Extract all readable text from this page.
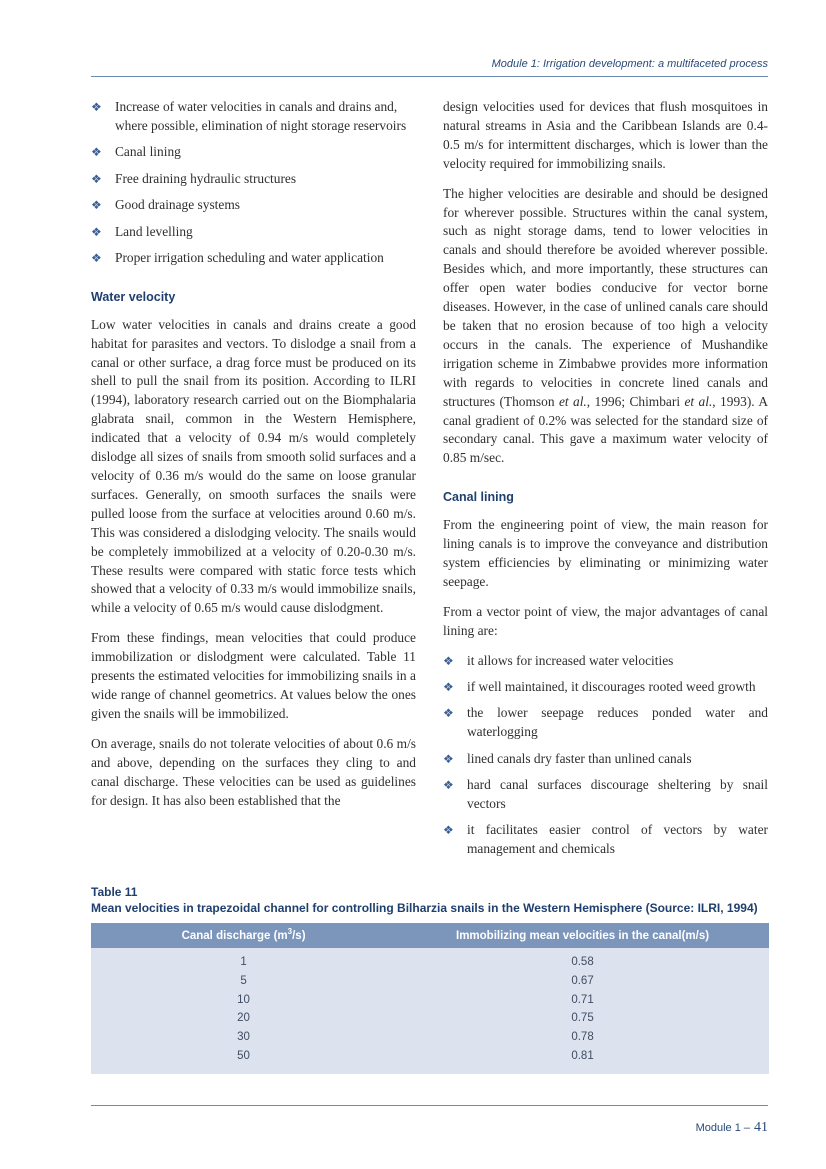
Module 1: Irrigation development: a multifaceted process
❖ Increase of water velocities in canals and drains and, where possible, elimination of night storage reservoirs
❖ Canal lining
❖ Free draining hydraulic structures
❖ Good drainage systems
❖ Land levelling
❖ Proper irrigation scheduling and water application
Water velocity

Low water velocities in canals and drains create a good habitat for parasites and vectors. To dislodge a snail from a canal or other surface, a drag force must be produced on its shell to pull the snail from its position. According to ILRI (1994), laboratory research carried out on the Biomphalaria glabrata snail, common in the Western Hemisphere, indicated that a velocity of 0.94 m/s would completely dislodge all sizes of snails from smooth solid surfaces and a velocity of 0.36 m/s would do the same on loose granular surfaces. Generally, on smooth surfaces the snails were pulled loose from the surface at velocities around 0.60 m/s. This was considered a dislodging velocity. The snails would be completely immobilized at a velocity of 0.20-0.30 m/s. These results were compared with static force tests which showed that a velocity of 0.33 m/s would immobilize snails, while a velocity of 0.65 m/s would cause dislodgment.

From these findings, mean velocities that could produce immobilization or dislodgment were calculated. Table 11 presents the estimated velocities for immobilizing snails in a wide range of channel geometrics. At values below the ones given the snails will be immobilized.

On average, snails do not tolerate velocities of about 0.6 m/s and above, depending on the surfaces they cling to and canal discharge. These velocities can be used as guidelines for design. It has also been established that the

design velocities used for devices that flush mosquitoes in natural streams in Asia and the Caribbean Islands are 0.4-0.5 m/s for intermittent discharges, which is lower than the velocity required for immobilizing snails.

The higher velocities are desirable and should be designed for wherever possible. Structures within the canal system, such as night storage dams, tend to lower velocities in canals and should therefore be avoided wherever possible. Besides which, and more importantly, these structures can offer open water bodies conducive for vector borne diseases. However, in the case of unlined canals care should be taken that no erosion because of too high a velocity occurs in the canals. The experience of Mushandike irrigation scheme in Zimbabwe provides more information with regards to velocities in concrete lined canals and structures (Thomson et al., 1996; Chimbari et al., 1993). A canal gradient of 0.2% was selected for the standard size of secondary canal. This gave a maximum water velocity of 0.85 m/sec.

Canal lining

From the engineering point of view, the main reason for lining canals is to improve the conveyance and distribution system efficiencies by eliminating or minimizing water seepage.

From a vector point of view, the major advantages of canal lining are:

❖ it allows for increased water velocities
❖ if well maintained, it discourages rooted weed growth
❖ the lower seepage reduces ponded water and waterlogging
❖ lined canals dry faster than unlined canals
❖ hard canal surfaces discourage sheltering by snail vectors
❖ it facilitates easier control of vectors by water management and chemicals
Table 11
Mean velocities in trapezoidal channel for controlling Bilharzia snails in the Western Hemisphere (Source: ILRI, 1994)
Canal discharge $(m^3/s)$	Immobilizing mean velocities in the canal(m/s)

1	0.58
5	0.67
10	0.71
20	0.75
30	0.78
50	0.81

Module 1 – 41
